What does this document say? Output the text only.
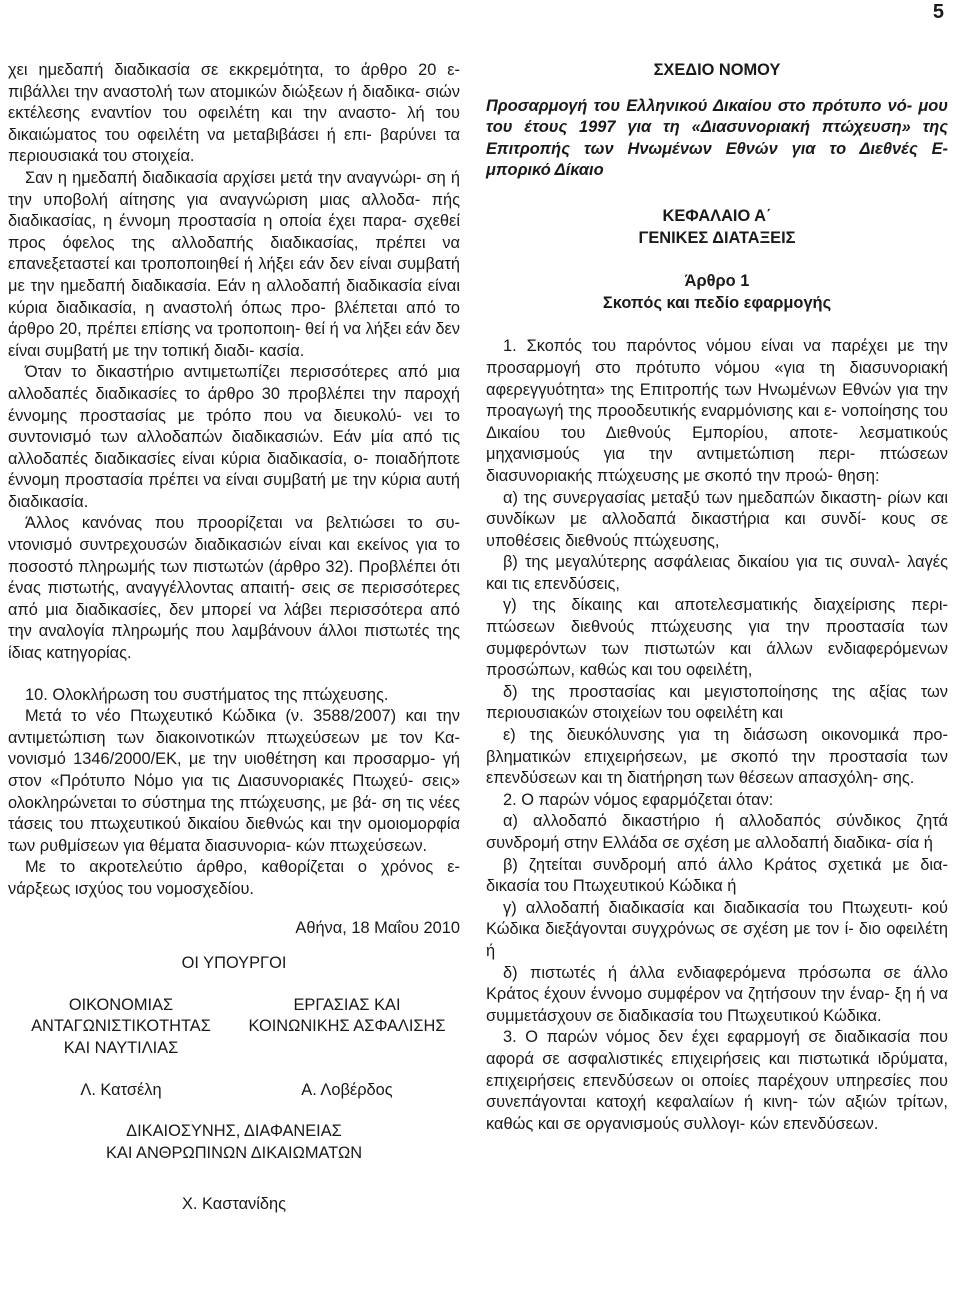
5

χει ημεδαπή διαδικασία σε εκκρεμότητα, το άρθρο 20 ε- πιβάλλει την αναστολή των ατομικών διώξεων ή διαδικα- σιών εκτέλεσης εναντίον του οφειλέτη και την αναστο- λή του δικαιώματος του οφειλέτη να μεταβιβάσει ή επι- βαρύνει τα περιουσιακά του στοιχεία.

Σαν η ημεδαπή διαδικασία αρχίσει μετά την αναγνώρι- ση ή την υποβολή αίτησης για αναγνώριση μιας αλλοδα- πής διαδικασίας, η έννομη προστασία η οποία έχει παρα- σχεθεί προς όφελος της αλλοδαπής διαδικασίας, πρέπει να επανεξεταστεί και τροποποιηθεί ή λήξει εάν δεν είναι συμβατή με την ημεδαπή διαδικασία. Εάν η αλλοδαπή διαδικασία είναι κύρια διαδικασία, η αναστολή όπως προ- βλέπεται από το άρθρο 20, πρέπει επίσης να τροποποιη- θεί ή να λήξει εάν δεν είναι συμβατή με την τοπική διαδι- κασία.

Όταν το δικαστήριο αντιμετωπίζει περισσότερες από μια αλλοδαπές διαδικασίες το άρθρο 30 προβλέπει την παροχή έννομης προστασίας με τρόπο που να διευκολύ- νει το συντονισμό των αλλοδαπών διαδικασιών. Εάν μία από τις αλλοδαπές διαδικασίες είναι κύρια διαδικασία, ο- ποιαδήποτε έννομη προστασία πρέπει να είναι συμβατή με την κύρια αυτή διαδικασία.

Άλλος κανόνας που προορίζεται να βελτιώσει το συ- ντονισμό συντρεχουσών διαδικασιών είναι και εκείνος για το ποσοστό πληρωμής των πιστωτών (άρθρο 32). Προβλέπει ότι ένας πιστωτής, αναγγέλλοντας απαιτή- σεις σε περισσότερες από μια διαδικασίες, δεν μπορεί να λάβει περισσότερα από την αναλογία πληρωμής που λαμβάνουν άλλοι πιστωτές της ίδιας κατηγορίας.

10. Ολοκλήρωση του συστήματος της πτώχευσης.

Μετά το νέο Πτωχευτικό Κώδικα (ν. 3588/2007) και την αντιμετώπιση των διακοινοτικών πτωχεύσεων με τον Κα- νονισμό 1346/2000/ΕΚ, με την υιοθέτηση και προσαρμο- γή στον «Πρότυπο Νόμο για τις Διασυνοριακές Πτωχεύ- σεις» ολοκληρώνεται το σύστημα της πτώχευσης, με βά- ση τις νέες τάσεις του πτωχευτικού δικαίου διεθνώς και την ομοιομορφία των ρυθμίσεων για θέματα διασυνορια- κών πτωχεύσεων.

Με το ακροτελεύτιο άρθρο, καθορίζεται ο χρόνος ε- νάρξεως ισχύος του νομοσχεδίου.

Αθήνα, 18 Μαΐου 2010
ΟΙ ΥΠΟΥΡΓΟΙ
ΟΙΚΟΝΟΜΙΑΣ
ΑΝΤΑΓΩΝΙΣΤΙΚΟΤΗΤΑΣ
ΚΑΙ ΝΑΥΤΙΛΙΑΣ
ΕΡΓΑΣΙΑΣ ΚΑΙ
ΚΟΙΝΩΝΙΚΗΣ ΑΣΦΑΛΙΣΗΣ
Λ. Κατσέλη	Α. Λοβέρδος
ΔΙΚΑΙΟΣΥΝΗΣ, ΔΙΑΦΑΝΕΙΑΣ
ΚΑΙ ΑΝΘΡΩΠΙΝΩΝ ΔΙΚΑΙΩΜΑΤΩΝ
Χ. Καστανίδης
ΣΧΕΔΙΟ ΝΟΜΟΥ
Προσαρμογή του Ελληνικού Δικαίου στο πρότυπο νό- μου του έτους 1997 για τη «Διασυνοριακή πτώχευση» της Επιτροπής των Ηνωμένων Εθνών για το Διεθνές Ε- μπορικό Δίκαιο
ΚΕΦΑΛΑΙΟ Α΄
ΓΕΝΙΚΕΣ ΔΙΑΤΑΞΕΙΣ
Άρθρο 1
Σκοπός και πεδίο εφαρμογής

1. Σκοπός του παρόντος νόμου είναι να παρέχει με την προσαρμογή στο πρότυπο νόμου «για τη διασυνοριακή αφερεγγυότητα» της Επιτροπής των Ηνωμένων Εθνών για την προαγωγή της προοδευτικής εναρμόνισης και ε- νοποίησης του Δικαίου του Διεθνούς Εμπορίου, αποτε- λεσματικούς μηχανισμούς για την αντιμετώπιση περι- πτώσεων διασυνοριακής πτώχευσης με σκοπό την προώ- θηση:

α) της συνεργασίας μεταξύ των ημεδαπών δικαστη- ρίων και συνδίκων με αλλοδαπά δικαστήρια και συνδί- κους σε υποθέσεις διεθνούς πτώχευσης,

β) της μεγαλύτερης ασφάλειας δικαίου για τις συναλ- λαγές και τις επενδύσεις,

γ) της δίκαιης και αποτελεσματικής διαχείρισης περι- πτώσεων διεθνούς πτώχευσης για την προστασία των συμφερόντων των πιστωτών και άλλων ενδιαφερόμενων προσώπων, καθώς και του οφειλέτη,

δ) της προστασίας και μεγιστοποίησης της αξίας των περιουσιακών στοιχείων του οφειλέτη και

ε) της διευκόλυνσης για τη διάσωση οικονομικά προ- βληματικών επιχειρήσεων, με σκοπό την προστασία των επενδύσεων και τη διατήρηση των θέσεων απασχόλη- σης.

2. Ο παρών νόμος εφαρμόζεται όταν:

α) αλλοδαπό δικαστήριο ή αλλοδαπός σύνδικος ζητά συνδρομή στην Ελλάδα σε σχέση με αλλοδαπή διαδικα- σία ή

β) ζητείται συνδρομή από άλλο Κράτος σχετικά με δια- δικασία του Πτωχευτικού Κώδικα ή

γ) αλλοδαπή διαδικασία και διαδικασία του Πτωχευτι- κού Κώδικα διεξάγονται συγχρόνως σε σχέση με τον ί- διο οφειλέτη ή

δ) πιστωτές ή άλλα ενδιαφερόμενα πρόσωπα σε άλλο Κράτος έχουν έννομο συμφέρον να ζητήσουν την έναρ- ξη ή να συμμετάσχουν σε διαδικασία του Πτωχευτικού Κώδικα.

3. Ο παρών νόμος δεν έχει εφαρμογή σε διαδικασία που αφορά σε ασφαλιστικές επιχειρήσεις και πιστωτικά ιδρύματα, επιχειρήσεις επενδύσεων οι οποίες παρέχουν υπηρεσίες που συνεπάγονται κατοχή κεφαλαίων ή κινη- τών αξιών τρίτων, καθώς και σε οργανισμούς συλλογι- κών επενδύσεων.
